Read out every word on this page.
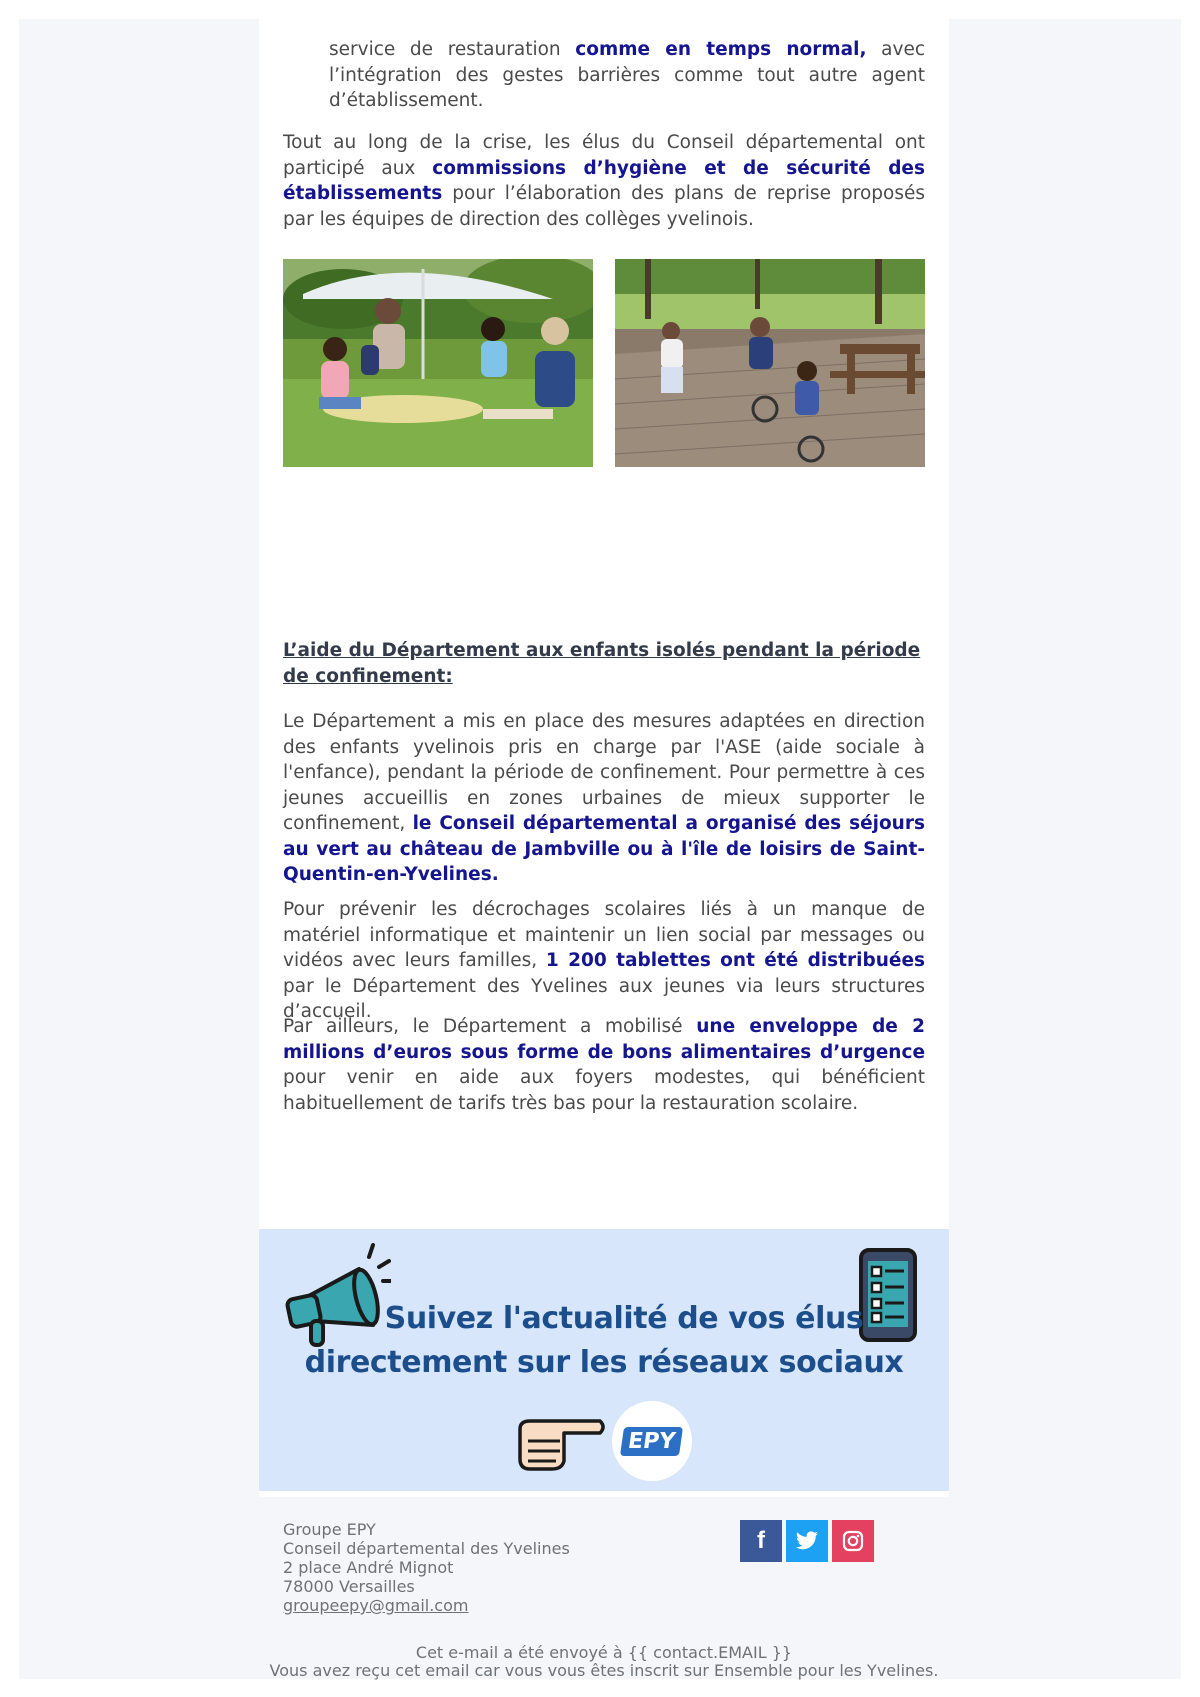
service de restauration comme en temps normal, avec l’intégration des gestes barrières comme tout autre agent d’établissement.

Tout au long de la crise, les élus du Conseil départemental ont participé aux commissions d’hygiène et de sécurité des établissements pour l’élaboration des plans de reprise proposés par les équipes de direction des collèges yvelinois.

L’aide du Département aux enfants isolés pendant la période de confinement:

Le Département a mis en place des mesures adaptées en direction des enfants yvelinois pris en charge par l'ASE (aide sociale à l'enfance), pendant la période de confinement. Pour permettre à ces jeunes accueillis en zones urbaines de mieux supporter le confinement, le Conseil départemental a organisé des séjours au vert au château de Jambville ou à l'île de loisirs de Saint-Quentin-en-Yvelines.

Pour prévenir les décrochages scolaires liés à un manque de matériel informatique et maintenir un lien social par messages ou vidéos avec leurs familles, 1 200 tablettes ont été distribuées par le Département des Yvelines aux jeunes via leurs structures d’accueil.

Par ailleurs, le Département a mobilisé une enveloppe de 2 millions d’euros sous forme de bons alimentaires d’urgence pour venir en aide aux foyers modestes, qui bénéficient habituellement de tarifs très bas pour la restauration scolaire.

Suivez l'actualité de vos élus
directement sur les réseaux sociaux
EPY
Groupe EPY
Conseil départemental des Yvelines
2 place André Mignot
78000 Versailles
groupeepy@gmail.com
f
Cet e-mail a été envoyé à {{ contact.EMAIL }}
Vous avez reçu cet email car vous vous êtes inscrit sur Ensemble pour les Yvelines.
